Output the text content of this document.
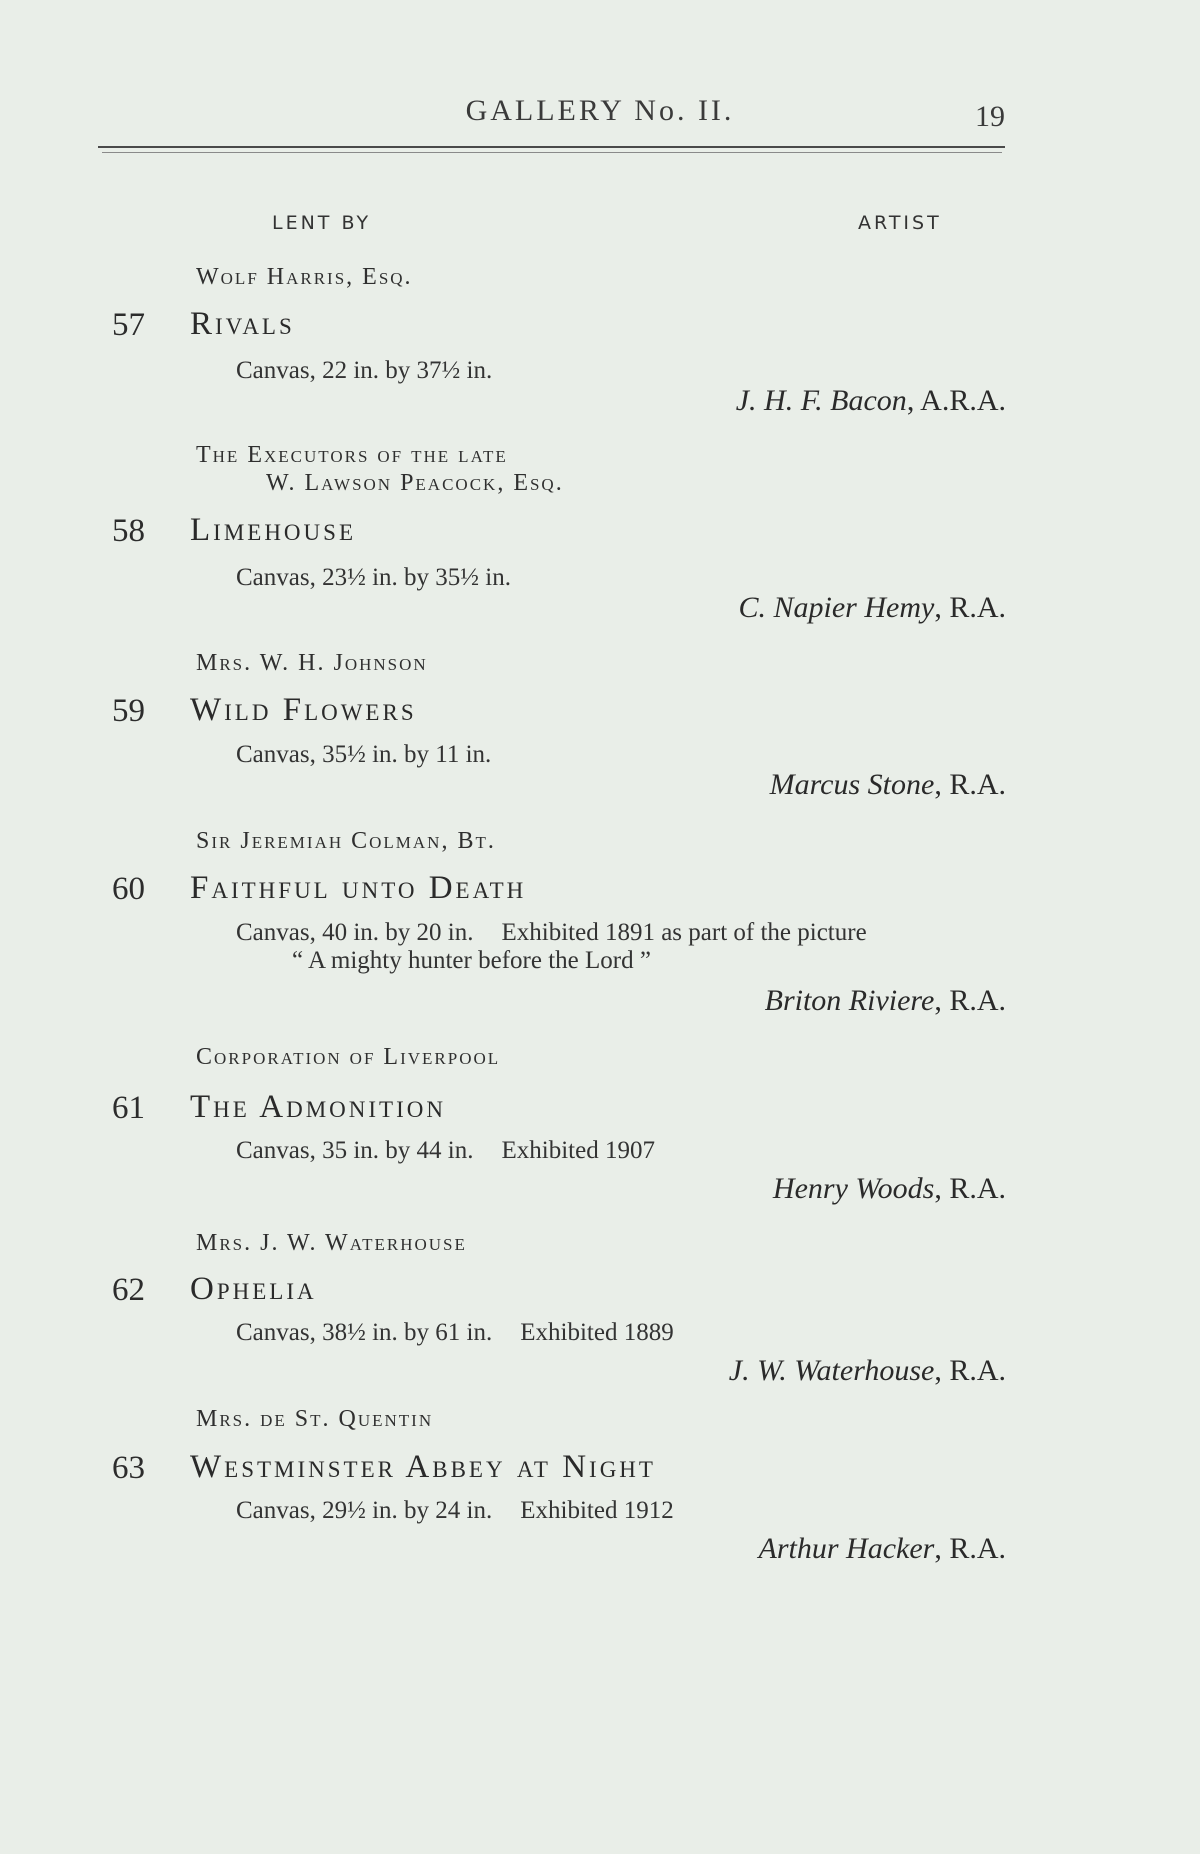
GALLERY No. II.	19
LENT BY	ARTIST
Wolf Harris, Esq.
57 Rivals
Canvas, 22 in. by 37½ in.
J. H. F. Bacon, A.R.A.
The Executors of the late
W. Lawson Peacock, Esq.
58 Limehouse
Canvas, 23½ in. by 35½ in.
C. Napier Hemy, R.A.
Mrs. W. H. Johnson
59 Wild Flowers
Canvas, 35½ in. by 11 in.
Marcus Stone, R.A.
Sir Jeremiah Colman, Bt.
60 Faithful unto Death
Canvas, 40 in. by 20 in. Exhibited 1891 as part of the picture
“ A mighty hunter before the Lord ”
Briton Riviere, R.A.
Corporation of Liverpool
61 The Admonition
Canvas, 35 in. by 44 in. Exhibited 1907
Henry Woods, R.A.
Mrs. J. W. Waterhouse
62 Ophelia
Canvas, 38½ in. by 61 in. Exhibited 1889
J. W. Waterhouse, R.A.
Mrs. de St. Quentin
63 Westminster Abbey at Night
Canvas, 29½ in. by 24 in. Exhibited 1912
Arthur Hacker, R.A.
